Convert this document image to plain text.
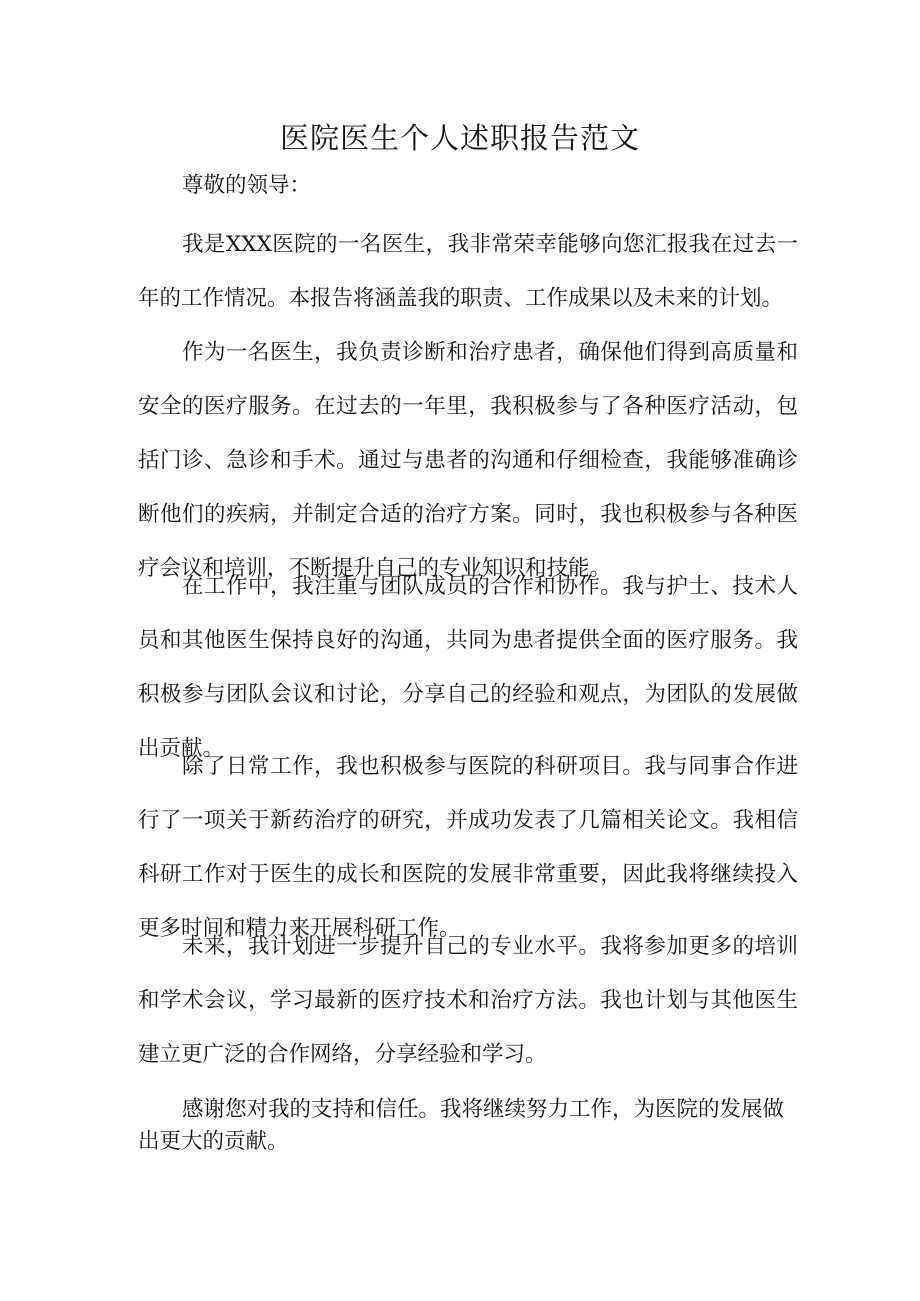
医院医生个人述职报告范文

尊敬的领导：

我是XXX医院的一名医生，我非常荣幸能够向您汇报我在过去一年的工作情况。本报告将涵盖我的职责、工作成果以及未来的计划。

作为一名医生，我负责诊断和治疗患者，确保他们得到高质量和安全的医疗服务。在过去的一年里，我积极参与了各种医疗活动，包括门诊、急诊和手术。通过与患者的沟通和仔细检查，我能够准确诊断他们的疾病，并制定合适的治疗方案。同时，我也积极参与各种医疗会议和培训，不断提升自己的专业知识和技能。

在工作中，我注重与团队成员的合作和协作。我与护士、技术人员和其他医生保持良好的沟通，共同为患者提供全面的医疗服务。我积极参与团队会议和讨论，分享自己的经验和观点，为团队的发展做出贡献。

除了日常工作，我也积极参与医院的科研项目。我与同事合作进行了一项关于新药治疗的研究，并成功发表了几篇相关论文。我相信科研工作对于医生的成长和医院的发展非常重要，因此我将继续投入更多时间和精力来开展科研工作。

未来，我计划进一步提升自己的专业水平。我将参加更多的培训和学术会议，学习最新的医疗技术和治疗方法。我也计划与其他医生建立更广泛的合作网络，分享经验和学习。

感谢您对我的支持和信任。我将继续努力工作，为医院的发展做出更大的贡献。
